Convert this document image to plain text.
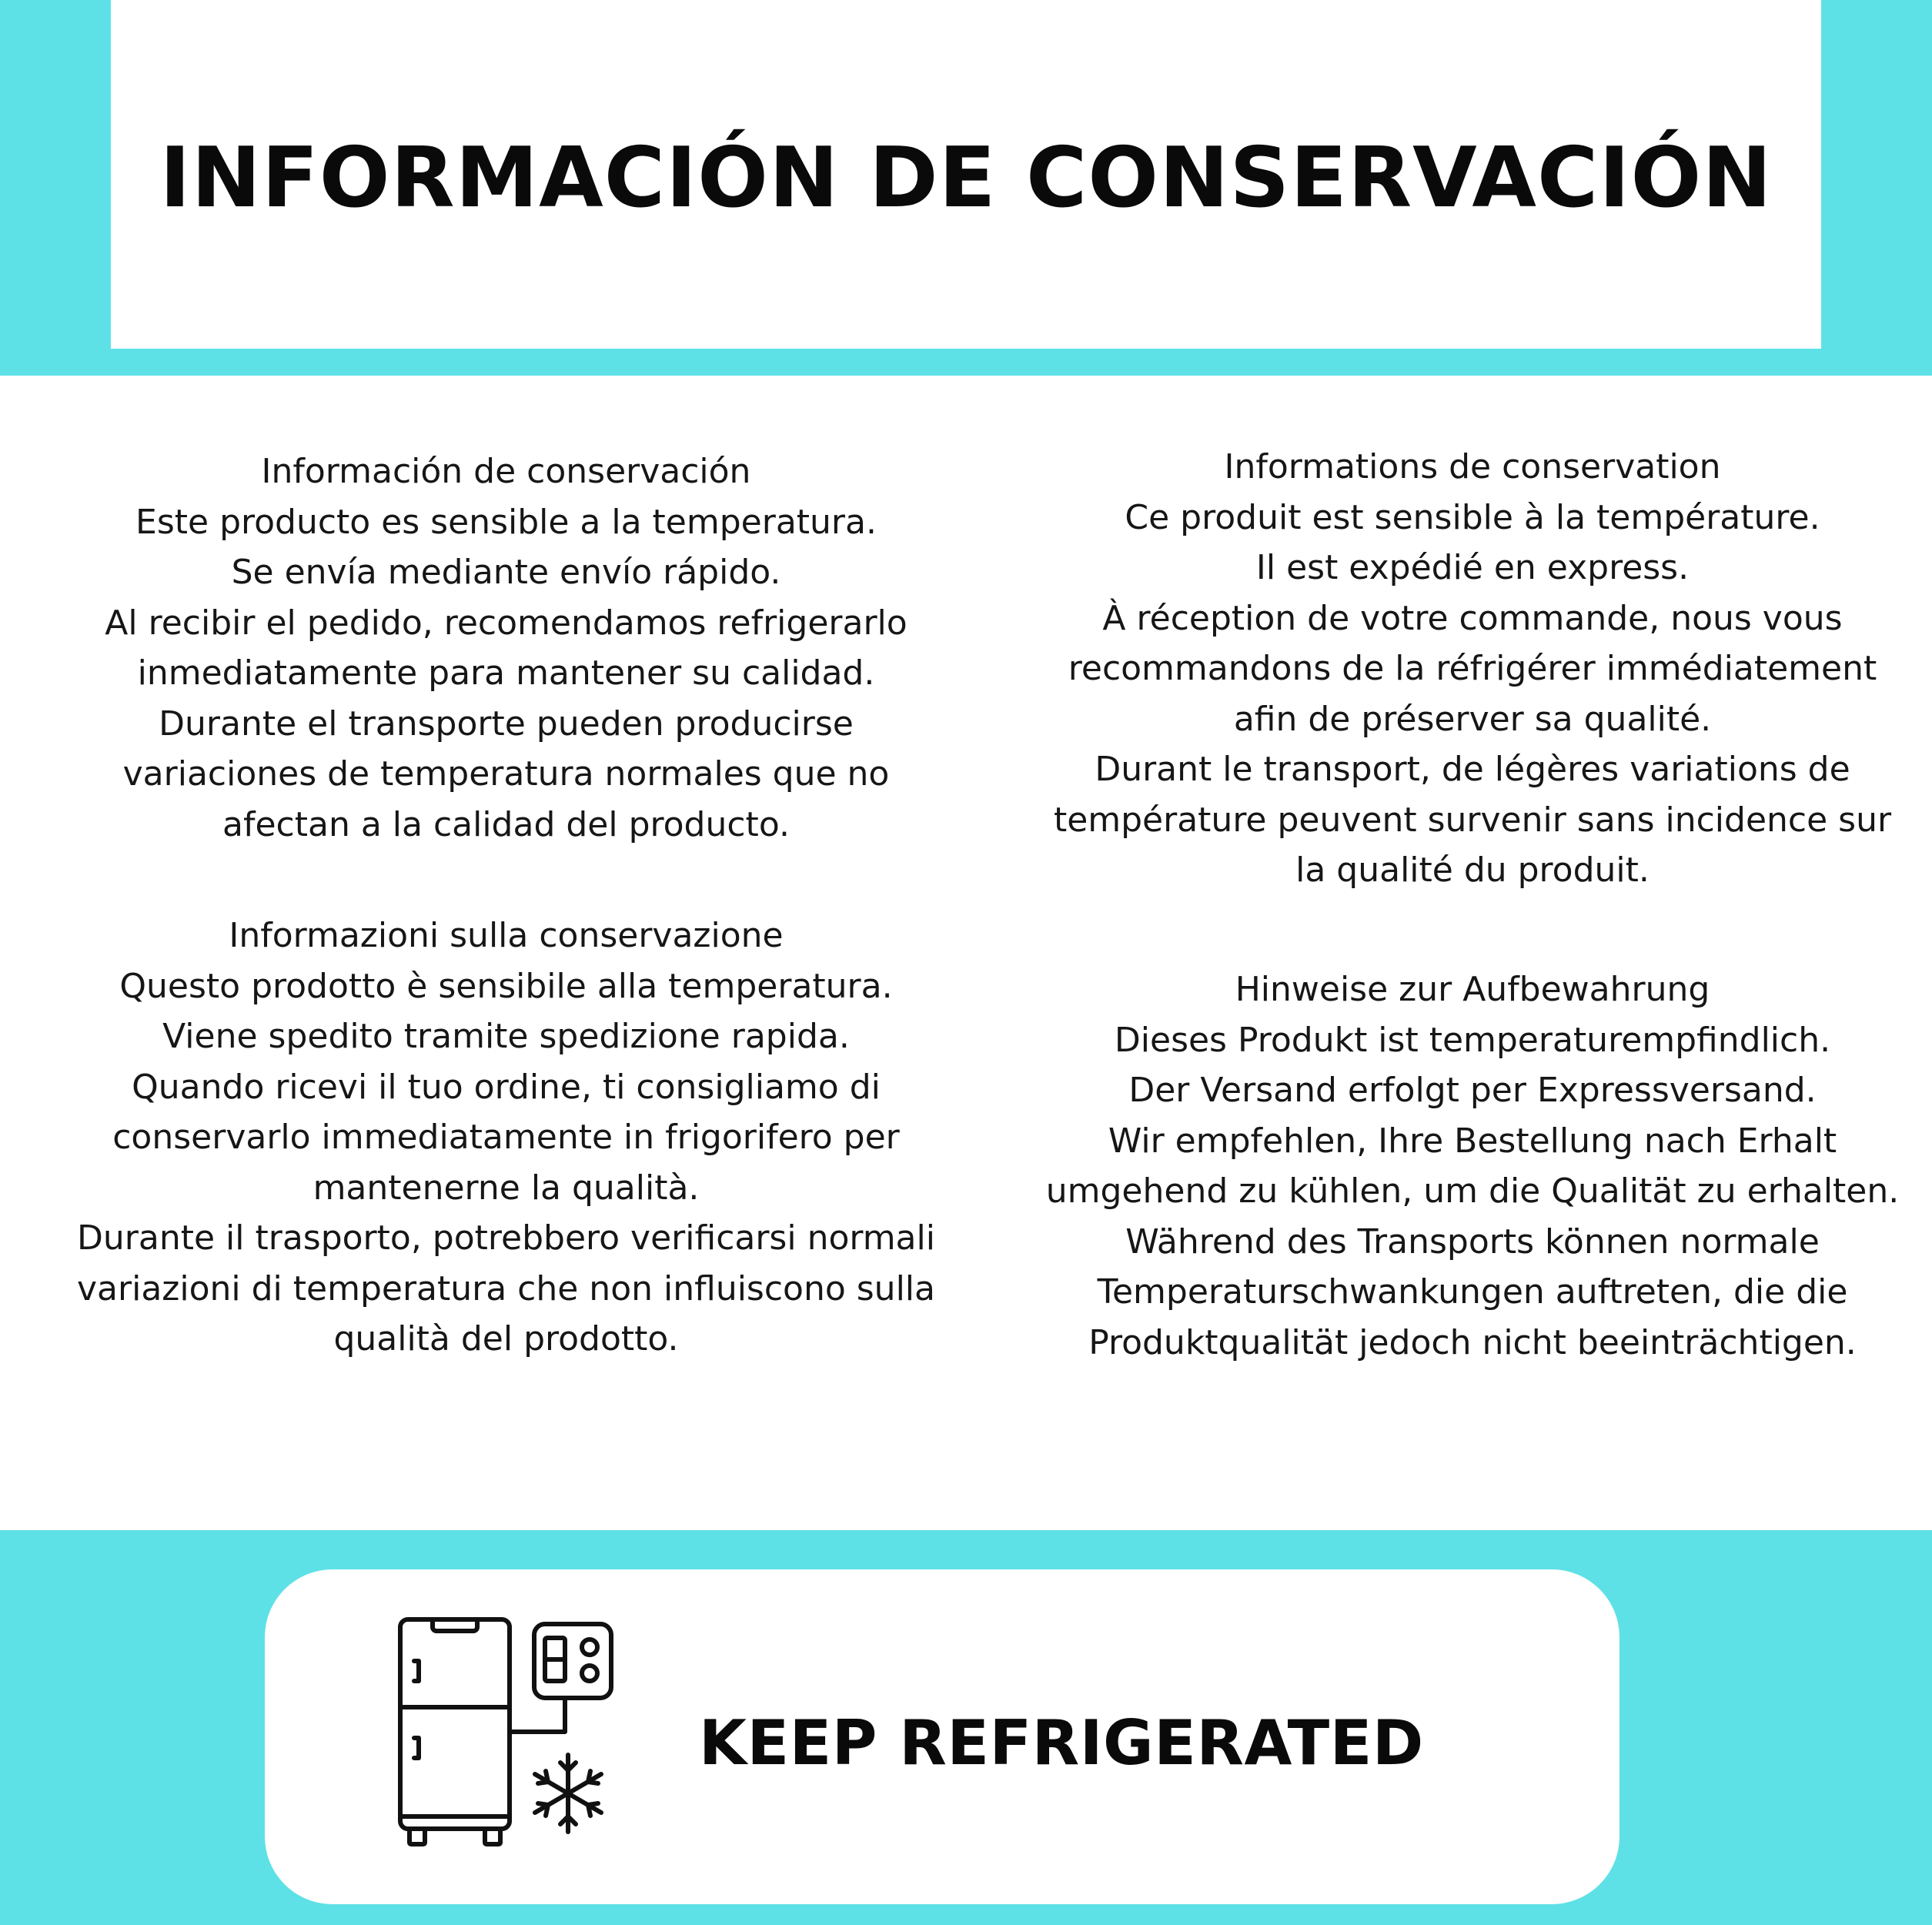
INFORMACIÓN DE CONSERVACIÓN
Información de conservación
Este producto es sensible a la temperatura.
Se envía mediante envío rápido.
Al recibir el pedido, recomendamos refrigerarlo
inmediatamente para mantener su calidad.
Durante el transporte pueden producirse
variaciones de temperatura normales que no
afectan a la calidad del producto.
Informations de conservation
Ce produit est sensible à la température.
Il est expédié en express.
À réception de votre commande, nous vous
recommandons de la réfrigérer immédiatement
afin de préserver sa qualité.
Durant le transport, de légères variations de
température peuvent survenir sans incidence sur
la qualité du produit.
Informazioni sulla conservazione
Questo prodotto è sensibile alla temperatura.
Viene spedito tramite spedizione rapida.
Quando ricevi il tuo ordine, ti consigliamo di
conservarlo immediatamente in frigorifero per
mantenerne la qualità.
Durante il trasporto, potrebbero verificarsi normali
variazioni di temperatura che non influiscono sulla
qualità del prodotto.
Hinweise zur Aufbewahrung
Dieses Produkt ist temperaturempfindlich.
Der Versand erfolgt per Expressversand.
Wir empfehlen, Ihre Bestellung nach Erhalt
umgehend zu kühlen, um die Qualität zu erhalten.
Während des Transports können normale
Temperaturschwankungen auftreten, die die
Produktqualität jedoch nicht beeinträchtigen.
KEEP REFRIGERATED
